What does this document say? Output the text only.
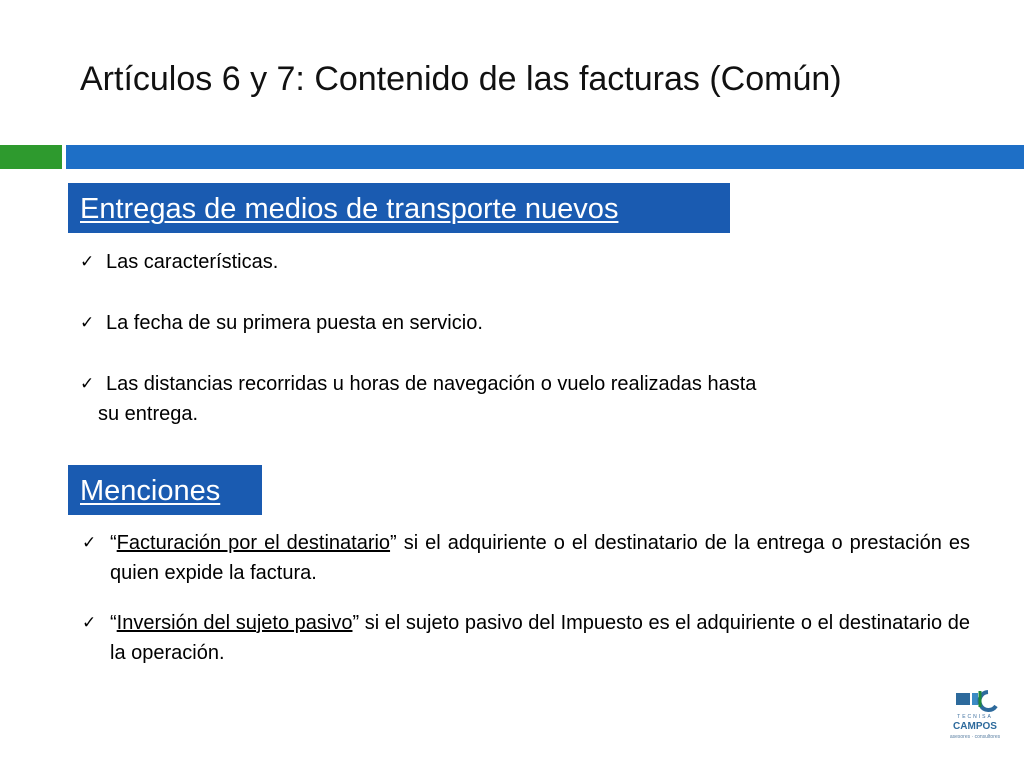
Artículos 6 y 7: Contenido de las facturas (Común)
Entregas de medios de transporte nuevos
✓ Las características.
✓ La fecha de su primera puesta en servicio.
✓ Las distancias recorridas u horas de navegación o vuelo realizadas hasta
su entrega.
Menciones
✓ “Facturación por el destinatario” si el adquiriente o el destinatario de la entrega o prestación es quien expide la factura.
✓ “Inversión del sujeto pasivo” si el sujeto pasivo del Impuesto es el adquiriente o el destinatario de la operación.
TECNISA
CAMPOS
asesores · consultores
